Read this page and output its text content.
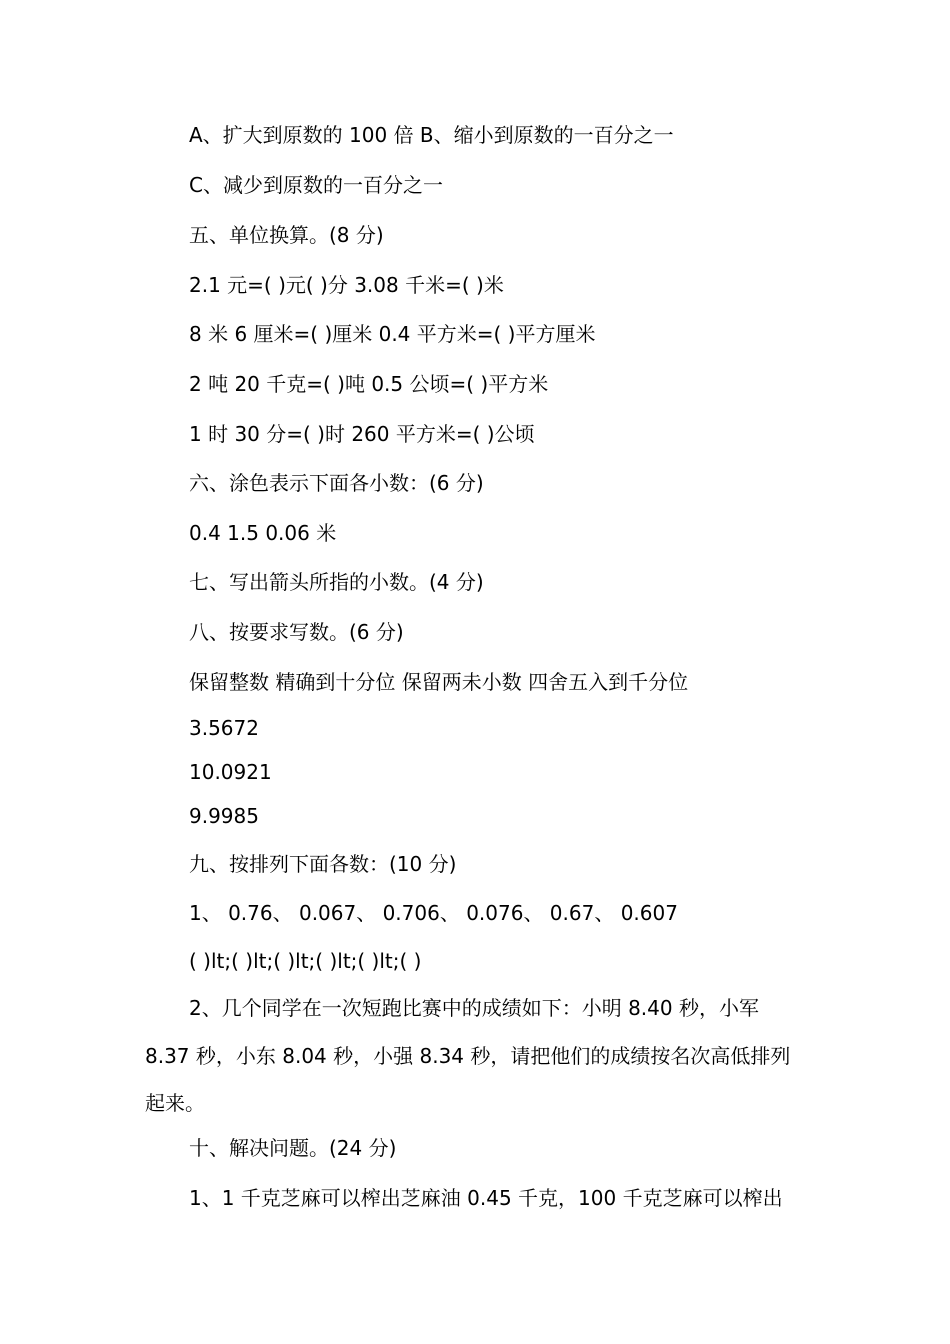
A、扩大到原数的 100 倍 B、缩小到原数的一百分之一
C、减少到原数的一百分之一
五、单位换算。(8 分)
2.1 元=( )元( )分 3.08 千米=( )米
8 米 6 厘米=( )厘米 0.4 平方米=( )平方厘米
2 吨 20 千克=( )吨 0.5 公顷=( )平方米
1 时 30 分=( )时 260 平方米=( )公顷
六、涂色表示下面各小数：(6 分)
0.4 1.5 0.06 米
七、写出箭头所指的小数。(4 分)
八、按要求写数。(6 分)
保留整数 精确到十分位 保留两未小数 四舍五入到千分位
3.5672
10.0921
9.9985
九、按排列下面各数：(10 分)
1、 0.76、 0.067、 0.706、 0.076、 0.67、 0.607
( )lt;( )lt;( )lt;( )lt;( )lt;( )
2、几个同学在一次短跑比赛中的成绩如下：小明 8.40 秒，小军
8.37 秒，小东 8.04 秒，小强 8.34 秒，请把他们的成绩按名次高低排列
起来。
十、解决问题。(24 分)
1、1 千克芝麻可以榨出芝麻油 0.45 千克，100 千克芝麻可以榨出
